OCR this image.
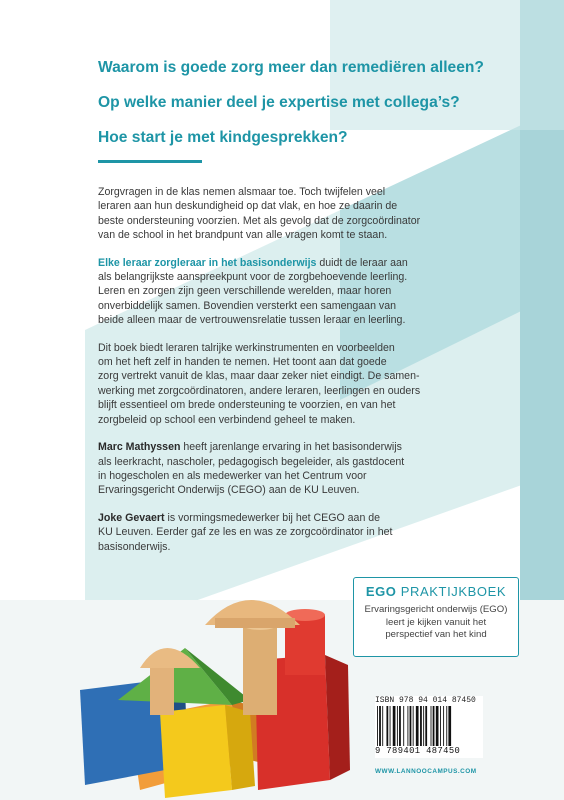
Waarom is goede zorg meer dan remediëren alleen?

Op welke manier deel je expertise met collega’s?

Hoe start je met kindgesprekken?

Zorgvragen in de klas nemen alsmaar toe. Toch twijfelen veel
leraren aan hun deskundigheid op dat vlak, en hoe ze daarin de
beste ondersteuning voorzien. Met als gevolg dat de zorgcoördinator
van de school in het brandpunt van alle vragen komt te staan.

Elke leraar zorgleraar in het basisonderwijs duidt de leraar aan
als belangrijkste aanspreekpunt voor de zorgbehoevende leerling.
Leren en zorgen zijn geen verschillende werelden, maar horen
onverbiddelijk samen. Bovendien versterkt een samengaan van
beide alleen maar de vertrouwensrelatie tussen leraar en leerling.

Dit boek biedt leraren talrijke werkinstrumenten en voorbeelden
om het heft zelf in handen te nemen. Het toont aan dat goede
zorg vertrekt vanuit de klas, maar daar zeker niet eindigt. De samen-
werking met zorgcoördinatoren, andere leraren, leerlingen en ouders
blijft essentieel om brede ondersteuning te voorzien, en van het
zorgbeleid op school een verbindend geheel te maken.

Marc Mathyssen heeft jarenlange ervaring in het basisonderwijs
als leerkracht, nascholer, pedagogisch begeleider, als gastdocent
in hogescholen en als medewerker van het Centrum voor
Ervaringsgericht Onderwijs (CEGO) aan de KU Leuven.

Joke Gevaert is vormingsmedewerker bij het CEGO aan de
KU Leuven. Eerder gaf ze les en was ze zorgcoördinator in het
basisonderwijs.

EGO PRAKTIJKBOEK
Ervaringsgericht onderwijs (EGO)
leert je kijken vanuit het
perspectief van het kind
ISBN 978 94 014 87450
9 789401 487450
WWW.LANNOOCAMPUS.COM
